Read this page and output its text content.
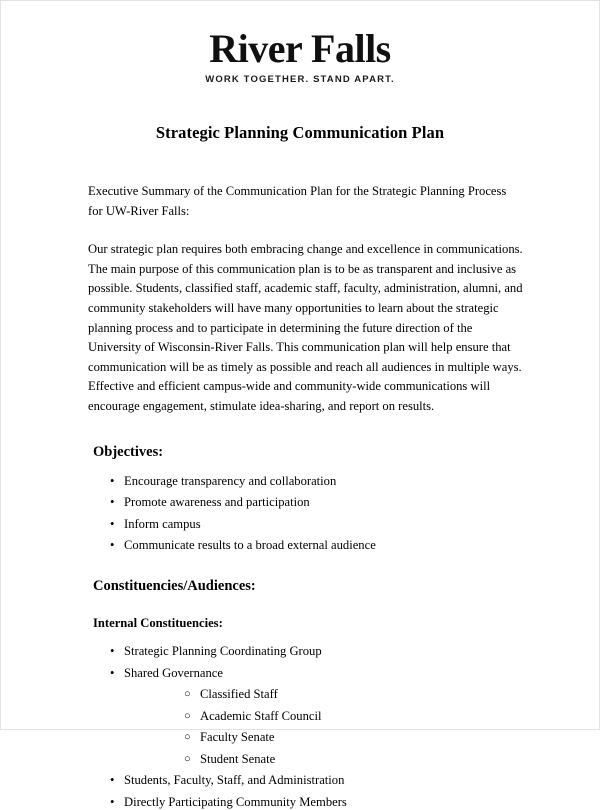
River Falls
WORK TOGETHER. STAND APART.
Strategic Planning Communication Plan

Executive Summary of the Communication Plan for the Strategic Planning Process for UW-River Falls:

Our strategic plan requires both embracing change and excellence in communications. The main purpose of this communication plan is to be as transparent and inclusive as possible. Students, classified staff, academic staff, faculty, administration, alumni, and community stakeholders will have many opportunities to learn about the strategic planning process and to participate in determining the future direction of the University of Wisconsin-River Falls. This communication plan will help ensure that communication will be as timely as possible and reach all audiences in multiple ways. Effective and efficient campus-wide and community-wide communications will encourage engagement, stimulate idea-sharing, and report on results.

Objectives:
• Encourage transparency and collaboration
• Promote awareness and participation
• Inform campus
• Communicate results to a broad external audience
Constituencies/Audiences:
Internal Constituencies:
• Strategic Planning Coordinating Group
• Shared Governance
○ Classified Staff
○ Academic Staff Council
○ Faculty Senate
○ Student Senate
• Students, Faculty, Staff, and Administration
• Directly Participating Community Members
